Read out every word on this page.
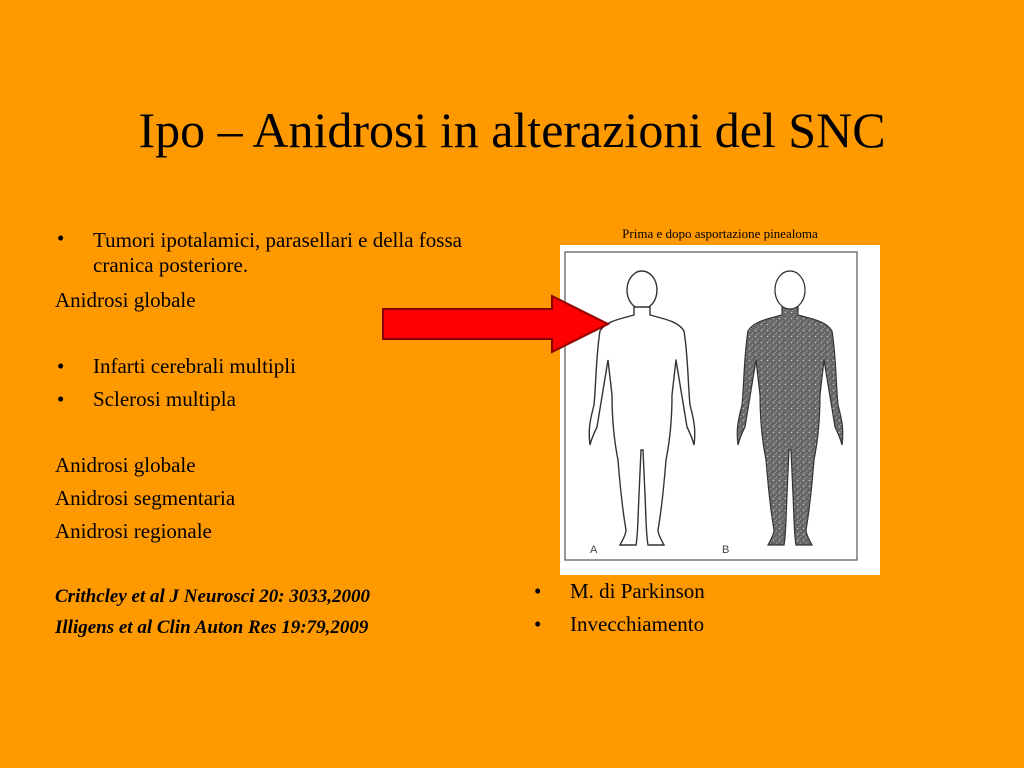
Ipo – Anidrosi in alterazioni del SNC
• Tumori ipotalamici, parasellari e della fossa cranica posteriore.
Anidrosi globale
• Infarti cerebrali multipli
• Sclerosi multipla
Anidrosi globale
Anidrosi segmentaria
Anidrosi regionale
Crithcley et al J Neurosci 20: 3033,2000
Illigens et al Clin Auton Res 19:79,2009
Prima e dopo asportazione pinealoma
A	B
• M. di Parkinson
• Invecchiamento
